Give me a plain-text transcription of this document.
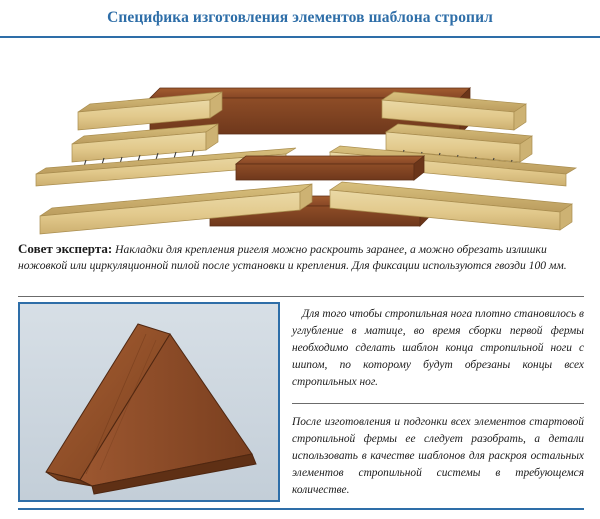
Специфика изготовления элементов шаблона стропил
Совет эксперта: Накладки для крепления ригеля можно раскроить заранее, а можно обрезать излишки ножовкой или циркуляционной пилой после установки и крепления. Для фиксации используются гвозди 100 мм.
Для того чтобы стропильная нога плотно становилось в углубление в матице, во время сборки первой фермы необходимо сделать шаблон конца стропильной ноги с шипом, по которому будут обрезаны концы всех стропильных ног.
После изготовления и подгонки всех элементов стартовой стропильной фермы ее следует разобрать, а детали использовать в качестве шаблонов для раскроя остальных элементов стропильной системы в требующемся количестве.
